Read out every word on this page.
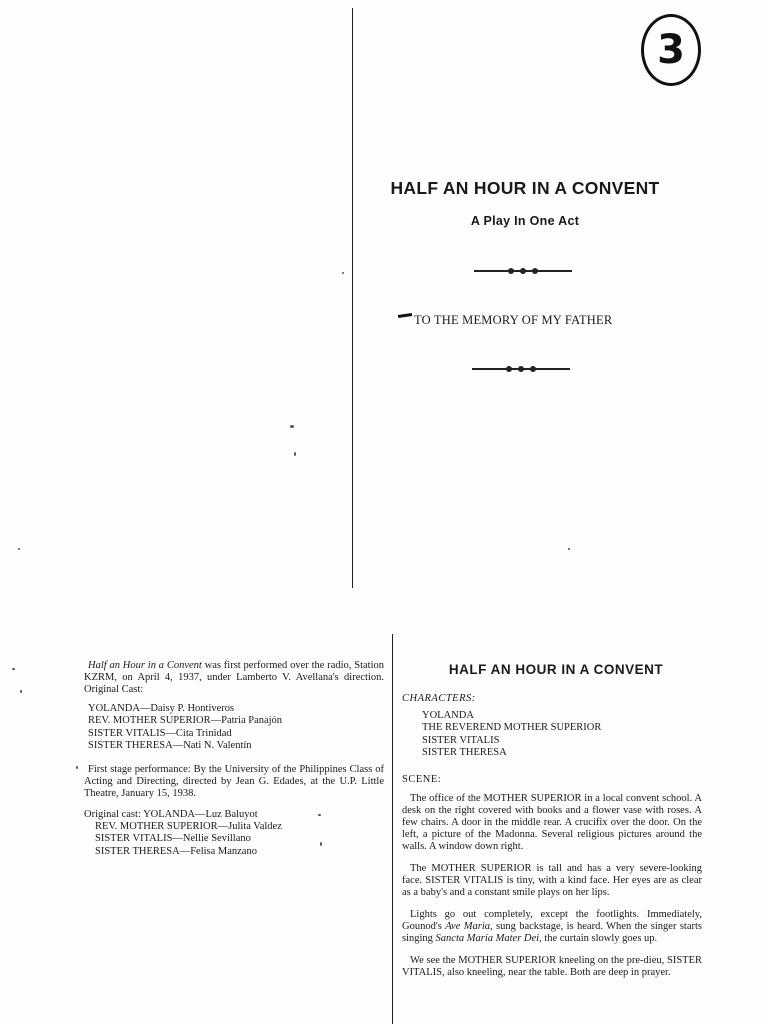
3
HALF AN HOUR IN A CONVENT
A Play In One Act
TO THE MEMORY OF MY FATHER

Half an Hour in a Convent was first performed over the radio, Station KZRM, on April 4, 1937, under Lamberto V. Avellana's direction. Original Cast:

YOLANDA—Daisy P. Hontiveros
REV. MOTHER SUPERIOR—Patria Panajón
SISTER VITALIS—Cita Trinidad
SISTER THERESA—Nati N. Valentín

First stage performance: By the University of the Philippines Class of Acting and Directing, directed by Jean G. Edades, at the U.P. Little Theatre, January 15, 1938.

Original cast: YOLANDA—Luz Baluyot
REV. MOTHER SUPERIOR—Julita Valdez
SISTER VITALIS—Nellie Sevillano
SISTER THERESA—Felisa Manzano
HALF AN HOUR IN A CONVENT
CHARACTERS:
YOLANDA
THE REVEREND MOTHER SUPERIOR
SISTER VITALIS
SISTER THERESA
SCENE:

The office of the MOTHER SUPERIOR in a local convent school. A desk on the right covered with books and a flower vase with roses. A few chairs. A door in the middle rear. A crucifix over the door. On the left, a picture of the Madonna. Several religious pictures around the walls. A window down right.

The MOTHER SUPERIOR is tall and has a very severe-looking face. SISTER VITALIS is tiny, with a kind face. Her eyes are as clear as a baby's and a constant smile plays on her lips.

Lights go out completely, except the footlights. Immediately, Gounod's Ave Maria, sung backstage, is heard. When the singer starts singing Sancta Maria Mater Dei, the curtain slowly goes up.

We see the MOTHER SUPERIOR kneeling on the pre-dieu, SISTER VITALIS, also kneeling, near the table. Both are deep in prayer.
